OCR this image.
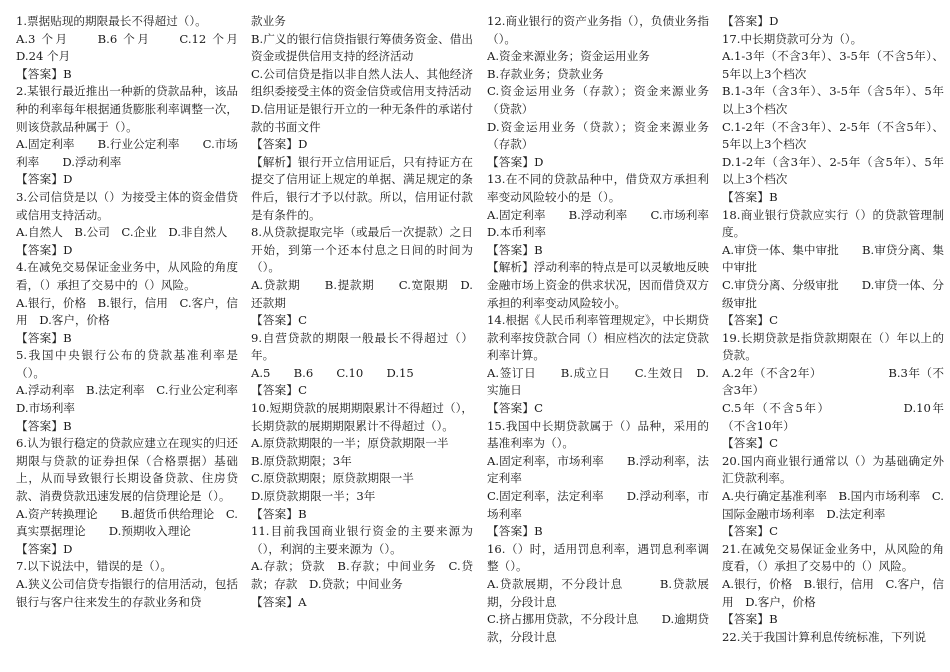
1.票据贴现的期限最长不得超过（）。

A.3 个月　　B.6 个月　　C.12 个月　D.24 个月

【答案】B

2.某银行最近推出一种新的贷款品种，该品种的利率每年根据通货膨胀利率调整一次，则该贷款品种属于（）。

A.固定利率　　B.行业公定利率　　C.市场利率　　D.浮动利率

【答案】D

3.公司信贷是以（）为接受主体的资金借贷或信用支持活动。

A.自然人　B.公司　C.企业　D.非自然人

【答案】D

4.在减免交易保证金业务中，从风险的角度看，（）承担了交易中的（）风险。

A.银行，价格　B.银行，信用　C.客户，信用　D.客户，价格

【答案】B

5.我国中央银行公布的贷款基准利率是（）。

A.浮动利率　B.法定利率　C.行业公定利率　D.市场利率

【答案】B

6.认为银行稳定的贷款应建立在现实的归还期限与贷款的证券担保（合格票据）基础上，从而导致银行长期设备贷款、住房贷款、消费贷款迅速发展的信贷理论是（）。

A.资产转换理论　　B.超货币供给理论　C.真实票据理论　　D.预期收入理论

【答案】D

7.以下说法中，错误的是（）。

A.狭义公司信贷专指银行的信用活动，包括银行与客户往来发生的存款业务和贷

款业务

B.广义的银行信贷指银行筹债务资金、借出资金或提供信用支持的经济活动

C.公司信贷是指以非自然人法人、其他经济组织委接受主体的资金信贷或信用支持活动

D.信用证是银行开立的一种无条件的承诺付款的书面文件

【答案】D

【解析】银行开立信用证后，只有持证方在提交了信用证上规定的单据、满足规定的条件后，银行才予以付款。所以，信用证付款是有条件的。

8.从贷款提取完毕（或最后一次提款）之日开始，到第一个还本付息之日间的时间为（）。

A.贷款期　　B.提款期　　C.宽限期　D.还款期

【答案】C

9.自营贷款的期限一般最长不得超过（）年。

A.5　　B.6　　C.10　　D.15

【答案】C

10.短期贷款的展期期限累计不得超过（），长期贷款的展期期限累计不得超过（）。

A.原贷款期限的一半；原贷款期限一半

B.原贷款期限；3年

C.原贷款期限；原贷款期限一半

D.原贷款期限一半；3年

【答案】B

11.目前我国商业银行资金的主要来源为（），利润的主要来源为（）。

A.存款；贷款　B.存款；中间业务　C.贷款；存款　D.贷款；中间业务

【答案】A

12.商业银行的资产业务指（），负债业务指（）。

A.资金来源业务；资金运用业务

B.存款业务；贷款业务

C.资金运用业务（存款）；资金来源业务（贷款）

D.资金运用业务（贷款）；资金来源业务（存款）

【答案】D

13.在不同的贷款品种中，借贷双方承担利率变动风险较小的是（）。

A.固定利率　　B.浮动利率　　C.市场利率　　D.本币利率

【答案】B

【解析】浮动利率的特点是可以灵敏地反映金融市场上资金的供求状况，因而借贷双方承担的利率变动风险较小。

14.根据《人民币利率管理规定》，中长期贷款利率按贷款合同（）相应档次的法定贷款利率计算。

A.签订日　　B.成立日　　C.生效日　D.实施日

【答案】C

15.我国中长期贷款属于（）品种，采用的基准利率为（）。

A.固定利率，市场利率　　B.浮动利率，法定利率

C.固定利率，法定利率　　D.浮动利率，市场利率

【答案】B

16.（）时，适用罚息利率，遇罚息利率调整（）。

A.贷款展期，不分段计息　　　B.贷款展期，分段计息

C.挤占挪用贷款，不分段计息　　D.逾期贷款，分段计息

【答案】D

17.中长期贷款可分为（）。

A.1-3年（不含3年）、3-5年（不含5年）、5年以上3个档次

B.1-3年（含3年）、3-5年（含5年）、5年以上3个档次

C.1-2年（不含3年）、2-5年（不含5年）、5年以上3个档次

D.1-2年（含3年）、2-5年（含5年）、5年以上3个档次

【答案】B

18.商业银行贷款应实行（）的贷款管理制度。

A.审贷一体、集中审批　　B.审贷分离、集中审批

C.审贷分离、分级审批　　D.审贷一体、分级审批

【答案】C

19.长期贷款是指贷款期限在（）年以上的贷款。

A.2年（不含2年）　　　　　　B.3年（不含3年）

C.5年（不含5年）　　　　　　D.10年（不含10年）

【答案】C

20.国内商业银行通常以（）为基础确定外汇贷款利率。

A.央行确定基准利率　B.国内市场利率　C.国际金融市场利率　D.法定利率

【答案】C

21.在减免交易保证金业务中，从风险的角度看，（）承担了交易中的（）风险。

A.银行，价格　B.银行，信用　C.客户，信用　D.客户，价格

【答案】B

22.关于我国计算利息传统标准，下列说
